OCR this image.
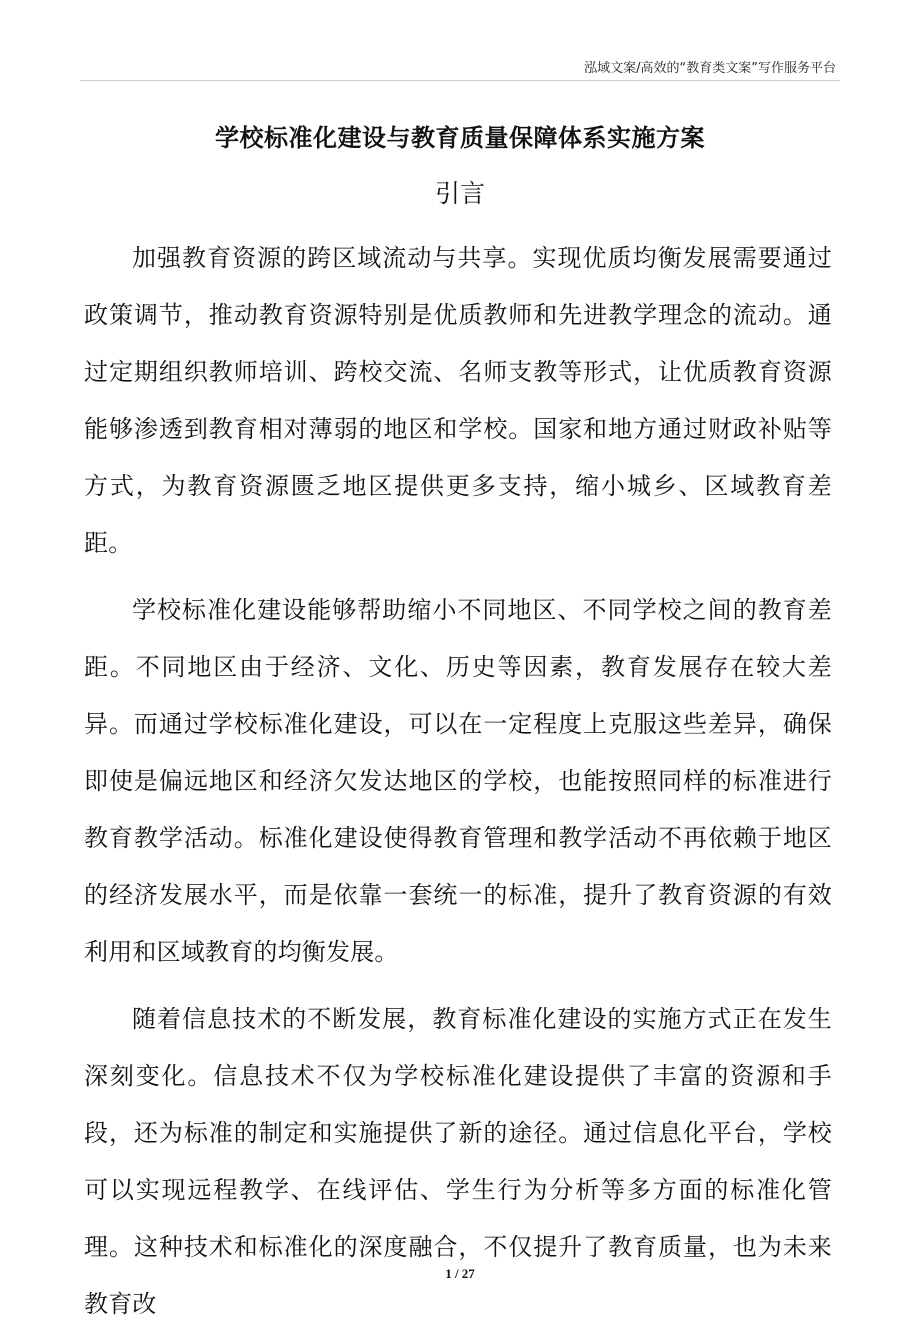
泓域文案/高效的“教育类文案”写作服务平台
学校标准化建设与教育质量保障体系实施方案
引言

加强教育资源的跨区域流动与共享。实现优质均衡发展需要通过政策调节，推动教育资源特别是优质教师和先进教学理念的流动。通过定期组织教师培训、跨校交流、名师支教等形式，让优质教育资源能够渗透到教育相对薄弱的地区和学校。国家和地方通过财政补贴等方式，为教育资源匮乏地区提供更多支持，缩小城乡、区域教育差距。

学校标准化建设能够帮助缩小不同地区、不同学校之间的教育差距。不同地区由于经济、文化、历史等因素，教育发展存在较大差异。而通过学校标准化建设，可以在一定程度上克服这些差异，确保即使是偏远地区和经济欠发达地区的学校，也能按照同样的标准进行教育教学活动。标准化建设使得教育管理和教学活动不再依赖于地区的经济发展水平，而是依靠一套统一的标准，提升了教育资源的有效利用和区域教育的均衡发展。

随着信息技术的不断发展，教育标准化建设的实施方式正在发生深刻变化。信息技术不仅为学校标准化建设提供了丰富的资源和手段，还为标准的制定和实施提供了新的途径。通过信息化平台，学校可以实现远程教学、在线评估、学生行为分析等多方面的标准化管理。这种技术和标准化的深度融合，不仅提升了教育质量，也为未来教育改

1 / 27
